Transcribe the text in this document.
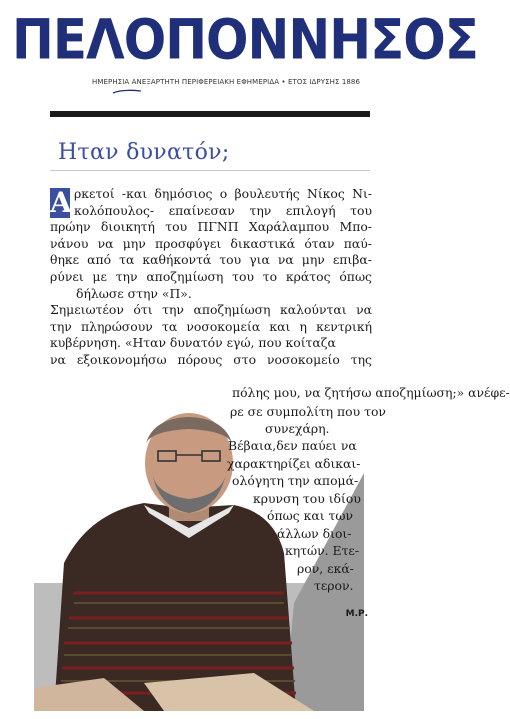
ΠΕΛΟΠΟΝΝΗΣΟΣ
ΗΜΕΡΗΣΙΑ ΑΝΕΞΑΡΤΗΤΗ ΠΕΡΙΦΕΡΕΙΑΚΗ ΕΦΗΜΕΡΙΔΑ • ΕΤΟΣ ΙΔΡΥΣΗΣ 1886
Ηταν δυνατόν;
Α ρκετοί -και δημόσιος ο βουλευτής Νίκος Νι-
κολόπουλος- επαίνεσαν την επιλογή του
πρώην διοικητή του ΠΓΝΠ Χαράλαμπου Μπο-
νάνου να μην προσφύγει δικαστικά όταν παύ-
θηκε από τα καθήκοντά του για να μην επιβα-
ρύνει με την αποζημίωση του το κράτος όπως
δήλωσε στην «Π».
Σημειωτέον ότι την αποζημίωση καλούνται να
την πληρώσουν τα νοσοκομεία και η κεντρική
κυβέρνηση. «Ηταν δυνατόν εγώ, που κοίταζα
να εξοικονομήσω πόρους στο νοσοκομείο της
πόλης μου, να ζητήσω αποζημίωση;» ανέφε-
ρε σε συμπολίτη που τον
συνεχάρη.
Βέβαια,δεν παύει να
χαρακτηρίζει αδικαι-
ολόγητη την απομά-
κρυνση του ιδίου
όπως και των
άλλων διοι-
κητών. Ετε-
ρον, εκά-
τερον.
Μ.Ρ.
